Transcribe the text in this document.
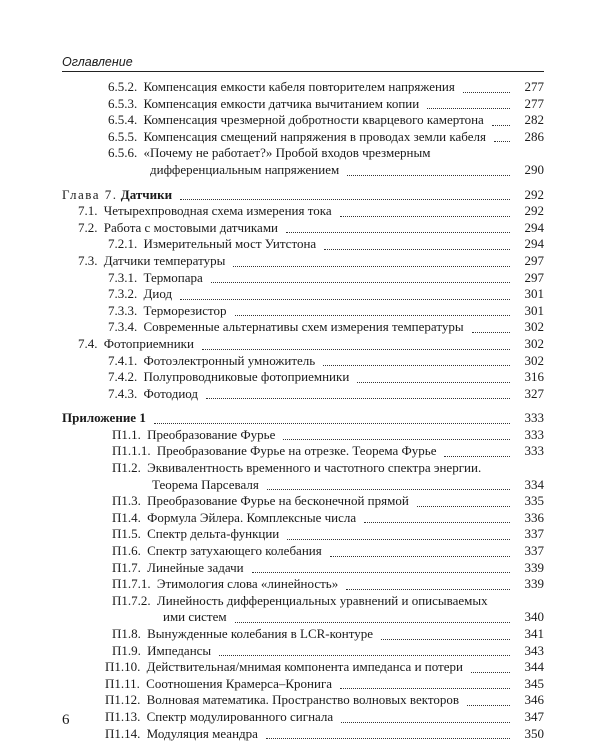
Оглавление
6.5.2. Компенсация емкости кабеля повторителем напряжения	277
6.5.3. Компенсация емкости датчика вычитанием копии	277
6.5.4. Компенсация чрезмерной добротности кварцевого камертона	282
6.5.5. Компенсация смещений напряжения в проводах земли кабеля	286
6.5.6. «Почему не работает?» Пробой входов чрезмерным дифференциальным напряжением	290
Глава 7. Датчики	292
7.1. Четырехпроводная схема измерения тока	292
7.2. Работа с мостовыми датчиками	294
7.2.1. Измерительный мост Уитстона	294
7.3. Датчики температуры	297
7.3.1. Термопара	297
7.3.2. Диод	301
7.3.3. Терморезистор	301
7.3.4. Современные альтернативы схем измерения температуры	302
7.4. Фотоприемники	302
7.4.1. Фотоэлектронный умножитель	302
7.4.2. Полупроводниковые фотоприемники	316
7.4.3. Фотодиод	327
Приложение 1	333
П1.1. Преобразование Фурье	333
П1.1.1. Преобразование Фурье на отрезке. Теорема Фурье	333
П1.2. Эквивалентность временного и частотного спектра энергии. Теорема Парсеваля	334
П1.3. Преобразование Фурье на бесконечной прямой	335
П1.4. Формула Эйлера. Комплексные числа	336
П1.5. Спектр дельта-функции	337
П1.6. Спектр затухающего колебания	337
П1.7. Линейные задачи	339
П1.7.1. Этимология слова «линейность»	339
П1.7.2. Линейность дифференциальных уравнений и описываемых ими систем	340
П1.8. Вынужденные колебания в LCR-контуре	341
П1.9. Импедансы	343
П1.10. Действительная/мнимая компонента импеданса и потери	344
П1.11. Соотношения Крамерса–Кронига	345
П1.12. Волновая математика. Пространство волновых векторов	346
П1.13. Спектр модулированного сигнала	347
П1.14. Модуляция меандра	350
6
